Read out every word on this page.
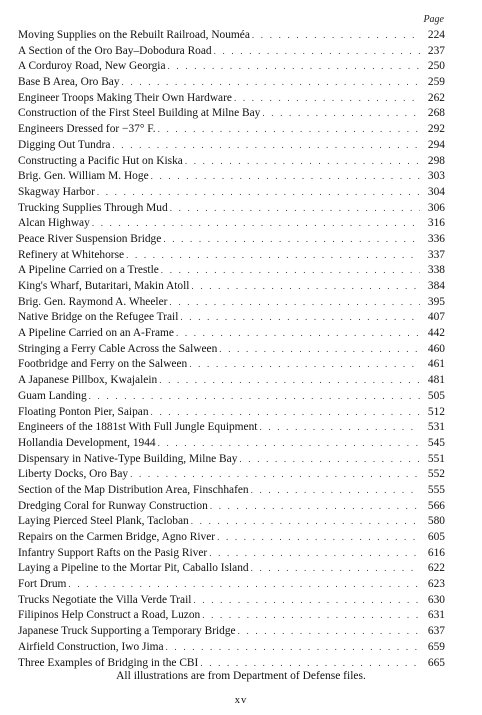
Page
Moving Supplies on the Rebuilt Railroad, Nouméa . . .	224
A Section of the Oro Bay–Dobodura Road . . .	237
A Corduroy Road, New Georgia . . .	250
Base B Area, Oro Bay . . .	259
Engineer Troops Making Their Own Hardware . . .	262
Construction of the First Steel Building at Milne Bay . . .	268
Engineers Dressed for −37° F. . . .	292
Digging Out Tundra . . .	294
Constructing a Pacific Hut on Kiska . . .	298
Brig. Gen. William M. Hoge . . .	303
Skagway Harbor . . .	304
Trucking Supplies Through Mud . . .	306
Alcan Highway . . .	316
Peace River Suspension Bridge . . .	336
Refinery at Whitehorse . . .	337
A Pipeline Carried on a Trestle . . .	338
King's Wharf, Butaritari, Makin Atoll . . .	384
Brig. Gen. Raymond A. Wheeler . . .	395
Native Bridge on the Refugee Trail . . .	407
A Pipeline Carried on an A-Frame . . .	442
Stringing a Ferry Cable Across the Salween . . .	460
Footbridge and Ferry on the Salween . . .	461
A Japanese Pillbox, Kwajalein . . .	481
Guam Landing . . .	505
Floating Ponton Pier, Saipan . . .	512
Engineers of the 1881st With Full Jungle Equipment . . .	531
Hollandia Development, 1944 . . .	545
Dispensary in Native-Type Building, Milne Bay . . .	551
Liberty Docks, Oro Bay . . .	552
Section of the Map Distribution Area, Finschhafen . . .	555
Dredging Coral for Runway Construction . . .	566
Laying Pierced Steel Plank, Tacloban . . .	580
Repairs on the Carmen Bridge, Agno River . . .	605
Infantry Support Rafts on the Pasig River . . .	616
Laying a Pipeline to the Mortar Pit, Caballo Island . . .	622
Fort Drum . . .	623
Trucks Negotiate the Villa Verde Trail . . .	630
Filipinos Help Construct a Road, Luzon . . .	631
Japanese Truck Supporting a Temporary Bridge . . .	637
Airfield Construction, Iwo Jima . . .	659
Three Examples of Bridging in the CBI . . .	665
All illustrations are from Department of Defense files.
xv
